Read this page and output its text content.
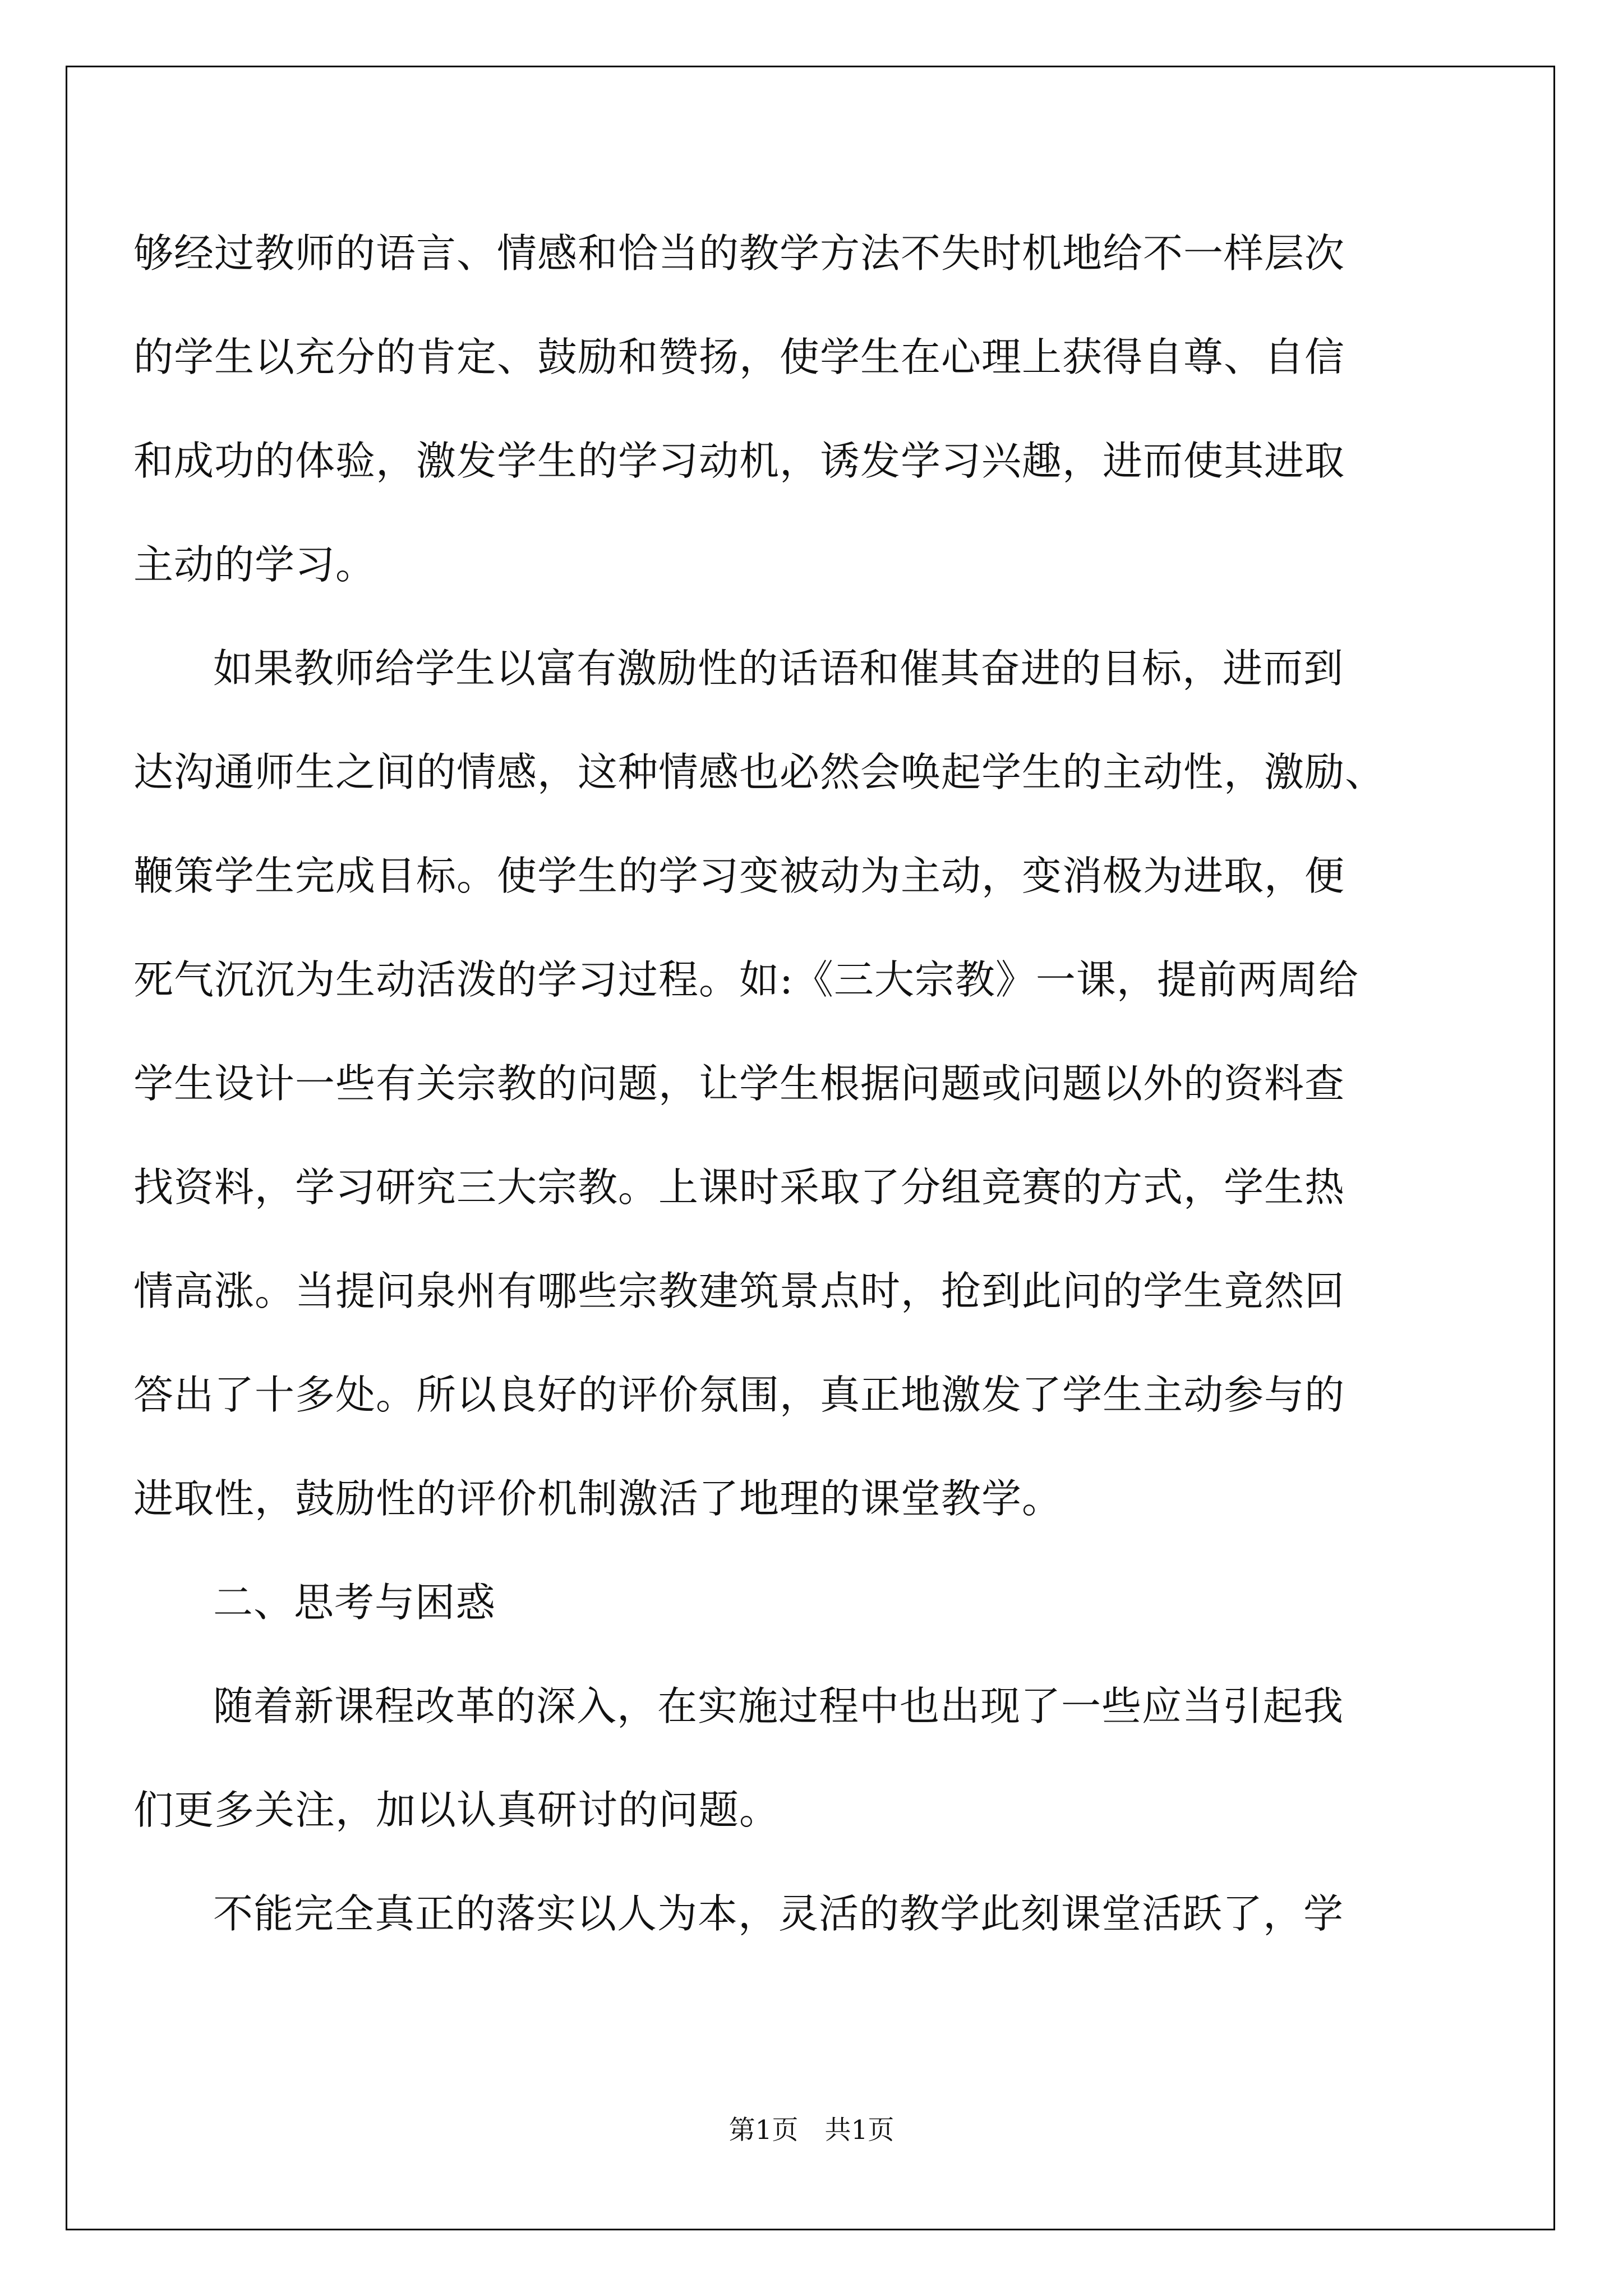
够经过教师的语言、情感和恰当的教学方法不失时机地给不一样层次
的学生以充分的肯定、鼓励和赞扬，使学生在心理上获得自尊、自信
和成功的体验，激发学生的学习动机，诱发学习兴趣，进而使其进取
主动的学习。
如果教师给学生以富有激励性的话语和催其奋进的目标，进而到
达沟通师生之间的情感，这种情感也必然会唤起学生的主动性，激励、
鞭策学生完成目标。使学生的学习变被动为主动，变消极为进取，便
死气沉沉为生动活泼的学习过程。如:《三大宗教》一课，提前两周给
学生设计一些有关宗教的问题，让学生根据问题或问题以外的资料查
找资料，学习研究三大宗教。上课时采取了分组竞赛的方式，学生热
情高涨。当提问泉州有哪些宗教建筑景点时，抢到此问的学生竟然回
答出了十多处。所以良好的评价氛围，真正地激发了学生主动参与的
进取性，鼓励性的评价机制激活了地理的课堂教学。
二、思考与困惑
随着新课程改革的深入，在实施过程中也出现了一些应当引起我
们更多关注，加以认真研讨的问题。
不能完全真正的落实以人为本，灵活的教学此刻课堂活跃了，学
第1页　共1页
